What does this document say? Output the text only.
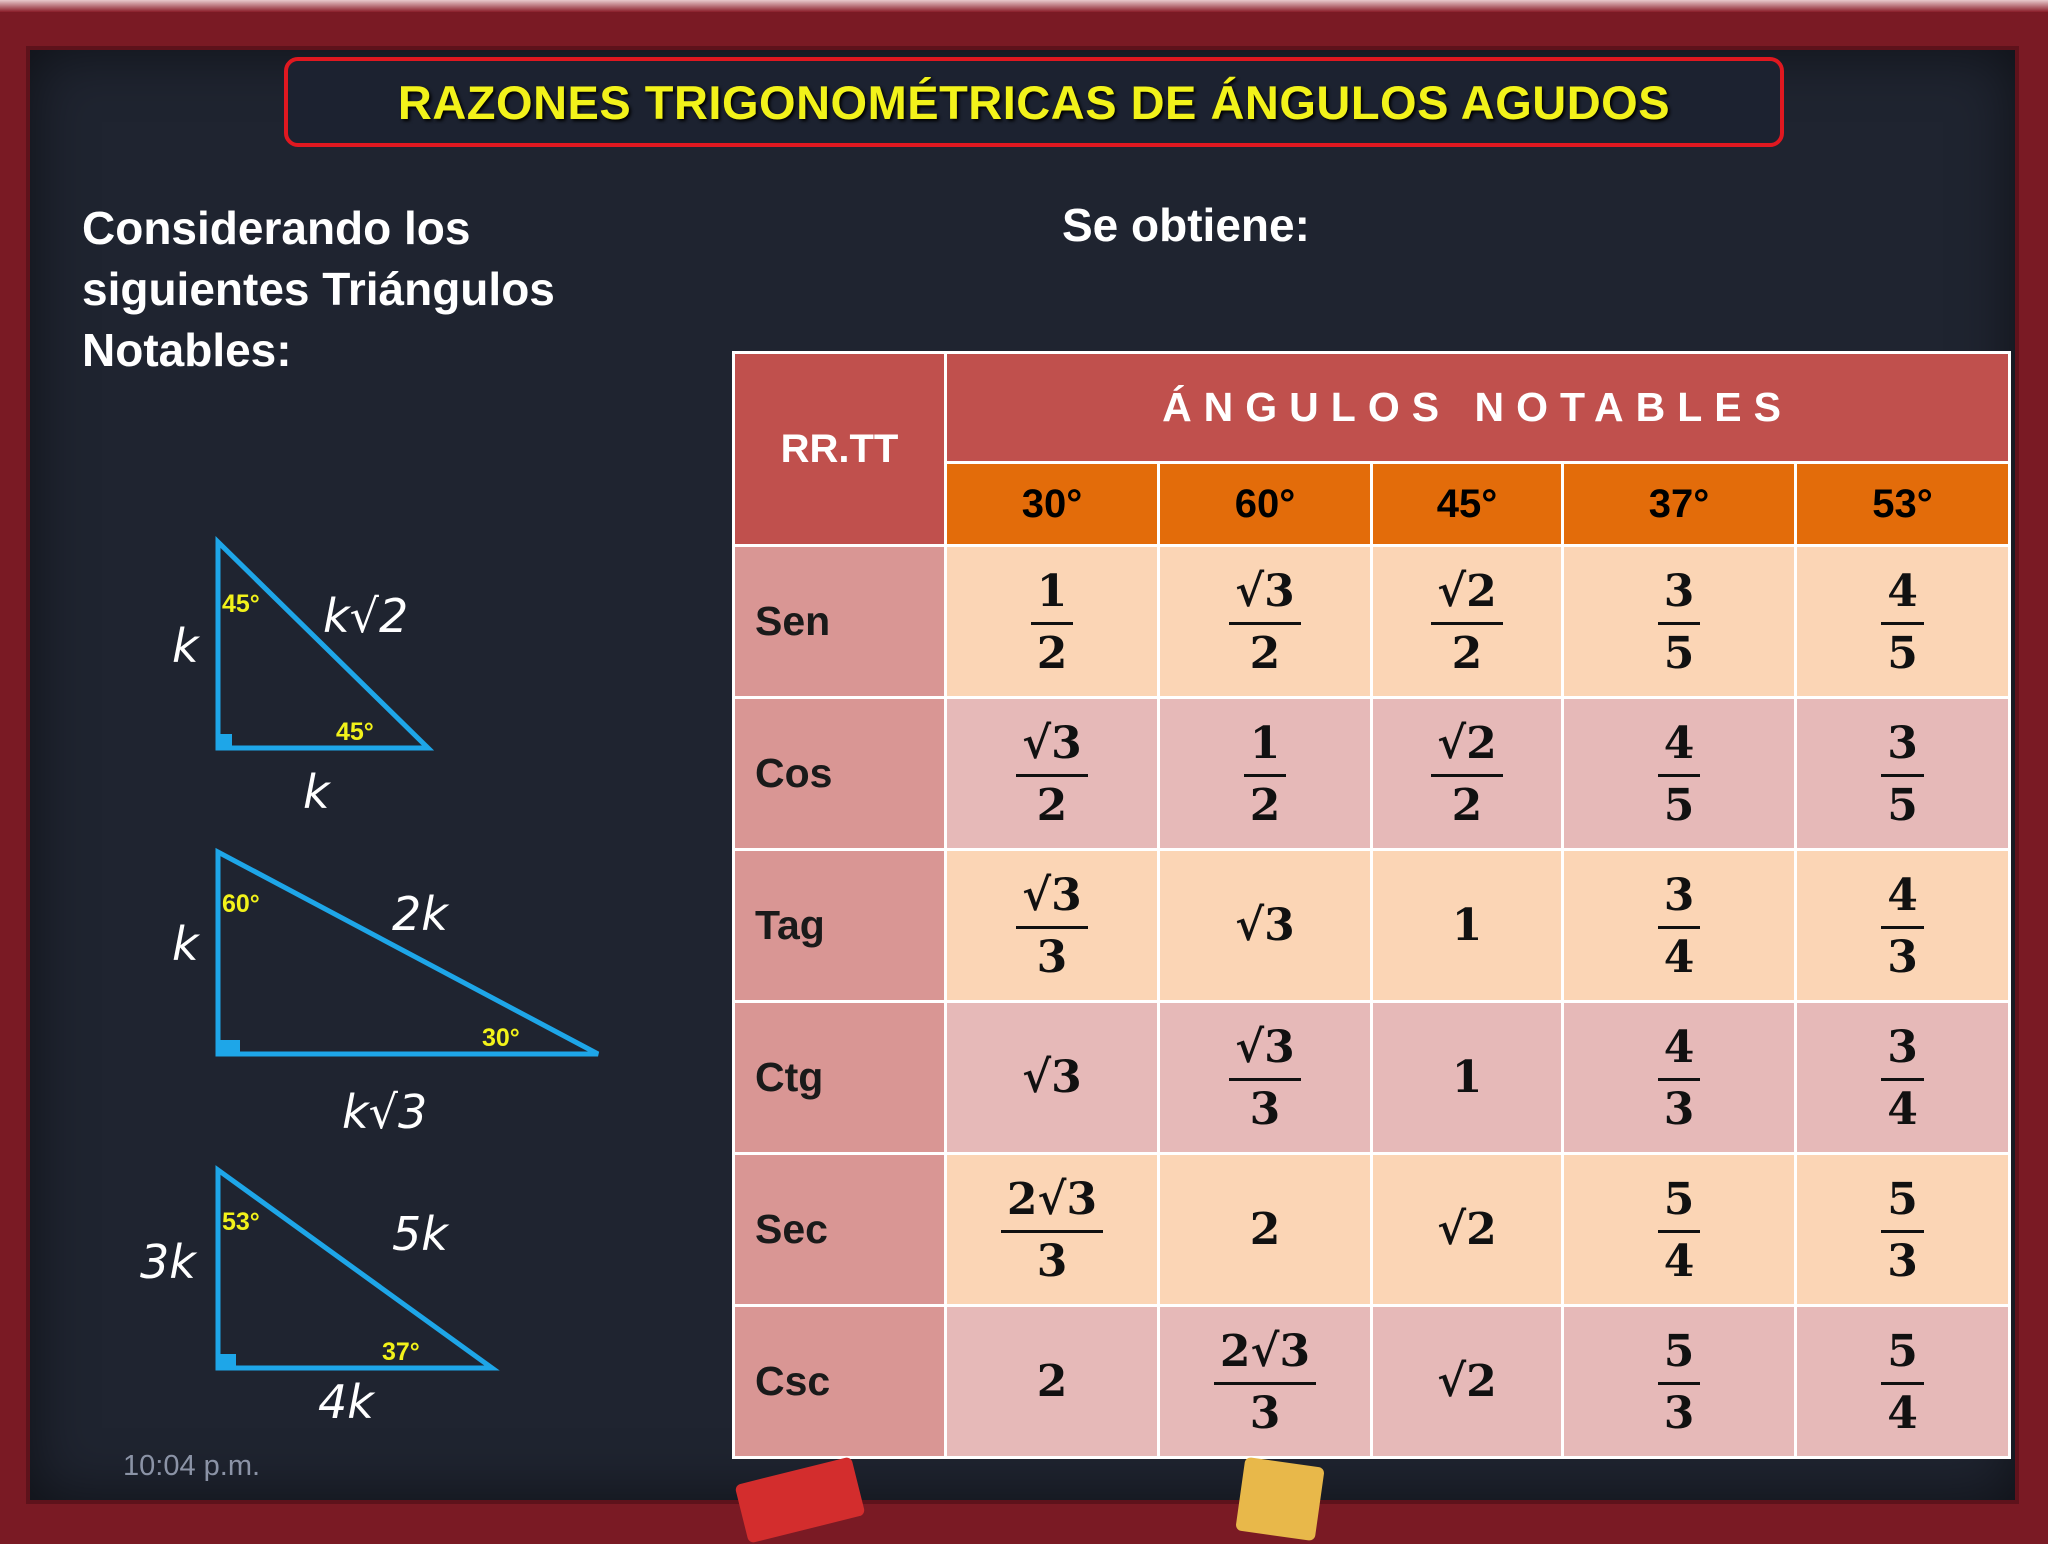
RAZONES TRIGONOMÉTRICAS DE ÁNGULOS AGUDOS
Considerando los siguientes Triángulos Notables:
Se obtiene:
k
k
k√2
45°
45°
k
k√3
2k
60°
30°
3k
4k
5k
53°
37°
RR.TT	ÁNGULOS NOTABLES				
	30°	60°	45°	37°	53°
Sen	$\frac{1}{2}$	$\frac{√3}{2}$	$\frac{√2}{2}$	$\frac{3}{5}$	$\frac{4}{5}$

Cos	$\frac{√3}{2}$	$\frac{1}{2}$	$\frac{√2}{2}$	$\frac{4}{5}$	$\frac{3}{5}$

Tag	$\frac{√3}{3}$	√3	1	$\frac{3}{4}$	$\frac{4}{3}$

Ctg	√3	$\frac{√3}{3}$	1	$\frac{4}{3}$	$\frac{3}{4}$

Sec	$\frac{2√3}{3}$	2	√2	$\frac{5}{4}$	$\frac{5}{3}$

Csc	2	$\frac{2√3}{3}$	√2	$\frac{5}{3}$	$\frac{5}{4}$
10:04 p.m.
